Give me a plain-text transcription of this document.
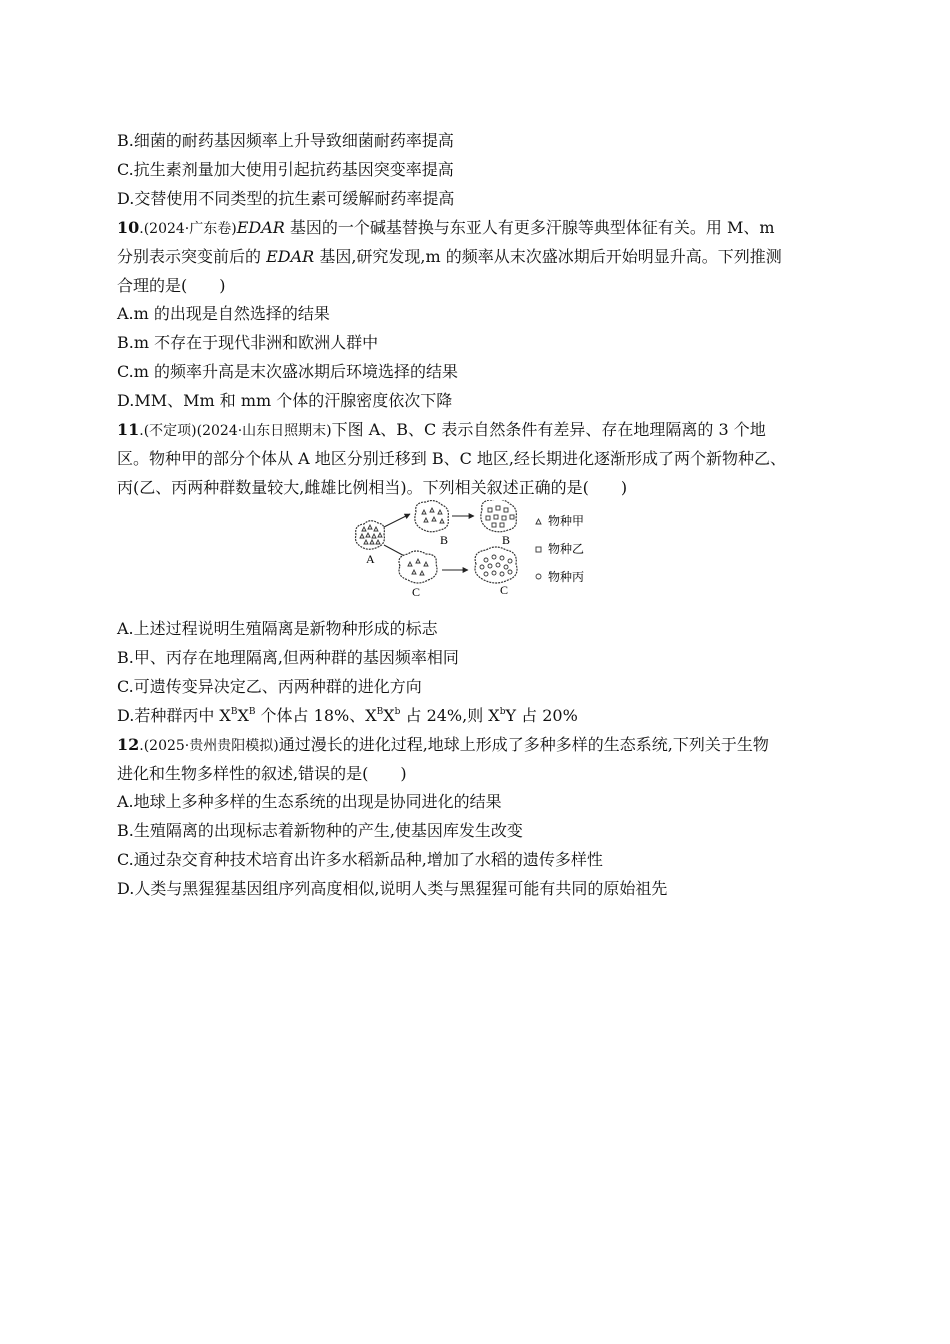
B.细菌的耐药基因频率上升导致细菌耐药率提高
C.抗生素剂量加大使用引起抗药基因突变率提高
D.交替使用不同类型的抗生素可缓解耐药率提高
10.(2024·广东卷)EDAR 基因的一个碱基替换与东亚人有更多汗腺等典型体征有关。用 M、m
分别表示突变前后的 EDAR 基因,研究发现,m 的频率从末次盛冰期后开始明显升高。下列推测
合理的是(　　)
A.m 的出现是自然选择的结果
B.m 不存在于现代非洲和欧洲人群中
C.m 的频率升高是末次盛冰期后环境选择的结果
D.MM、Mm 和 mm 个体的汗腺密度依次下降
11.(不定项)(2024·山东日照期末)下图 A、B、C 表示自然条件有差异、存在地理隔离的 3 个地
区。物种甲的部分个体从 A 地区分别迁移到 B、C 地区,经长期进化逐渐形成了两个新物种乙、
丙(乙、丙两种群数量较大,雌雄比例相当)。下列相关叙述正确的是(　　)
A
B	B
C	C
物种甲
物种乙
物种丙
A.上述过程说明生殖隔离是新物种形成的标志
B.甲、丙存在地理隔离,但两种群的基因频率相同
C.可遗传变异决定乙、丙两种群的进化方向
D.若种群丙中 $X^BX^B$ 个体占 18%、$X^BX^b$ 占 24%,则 $X^bY$ 占 20%
12.(2025·贵州贵阳模拟)通过漫长的进化过程,地球上形成了多种多样的生态系统,下列关于生物
进化和生物多样性的叙述,错误的是(　　)
A.地球上多种多样的生态系统的出现是协同进化的结果
B.生殖隔离的出现标志着新物种的产生,使基因库发生改变
C.通过杂交育种技术培育出许多水稻新品种,增加了水稻的遗传多样性
D.人类与黑猩猩基因组序列高度相似,说明人类与黑猩猩可能有共同的原始祖先
